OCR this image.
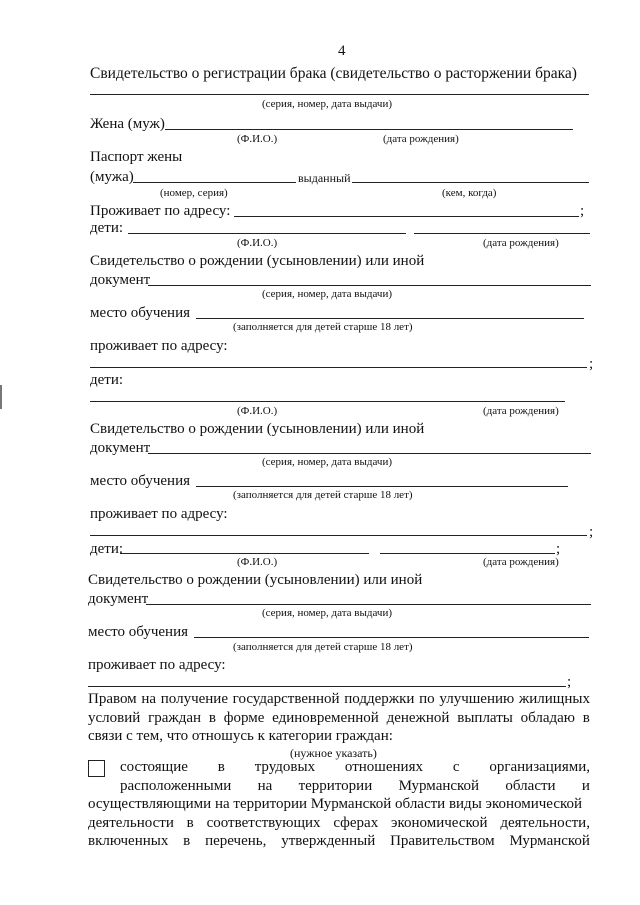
4
Свидетельство о регистрации брака (свидетельство о расторжении брака)
(серия, номер, дата выдачи)
Жена (муж)
(Ф.И.О.)	(дата рождения)
Паспорт жены
(мужа)	выданный
(номер, серия)	(кем, когда)
Проживает по адресу:	;
дети:
(Ф.И.О.)	(дата рождения)
Свидетельство о рождении (усыновлении) или иной
документ
(серия, номер, дата выдачи)
место обучения
(заполняется для детей старше 18 лет)
проживает по адресу:
;
дети:
(Ф.И.О.)	(дата рождения)
Свидетельство о рождении (усыновлении) или иной
документ
(серия, номер, дата выдачи)
место обучения
(заполняется для детей старше 18 лет)
проживает по адресу:
;
дети:	;
(Ф.И.О.)	(дата рождения)
Свидетельство о рождении (усыновлении) или иной
документ
(серия, номер, дата выдачи)
место обучения
(заполняется для детей старше 18 лет)
проживает по адресу:
;
Правом на получение государственной поддержки по улучшению жилищных
условий граждан в форме единовременной денежной выплаты обладаю в
связи с тем, что отношусь к категории граждан:
(нужное указать)
состоящие в трудовых отношениях с организациями,
расположенными на территории Мурманской области и
осуществляющими на территории Мурманской области виды экономической
деятельности в соответствующих сферах экономической деятельности,
включенных в перечень, утвержденный Правительством Мурманской
